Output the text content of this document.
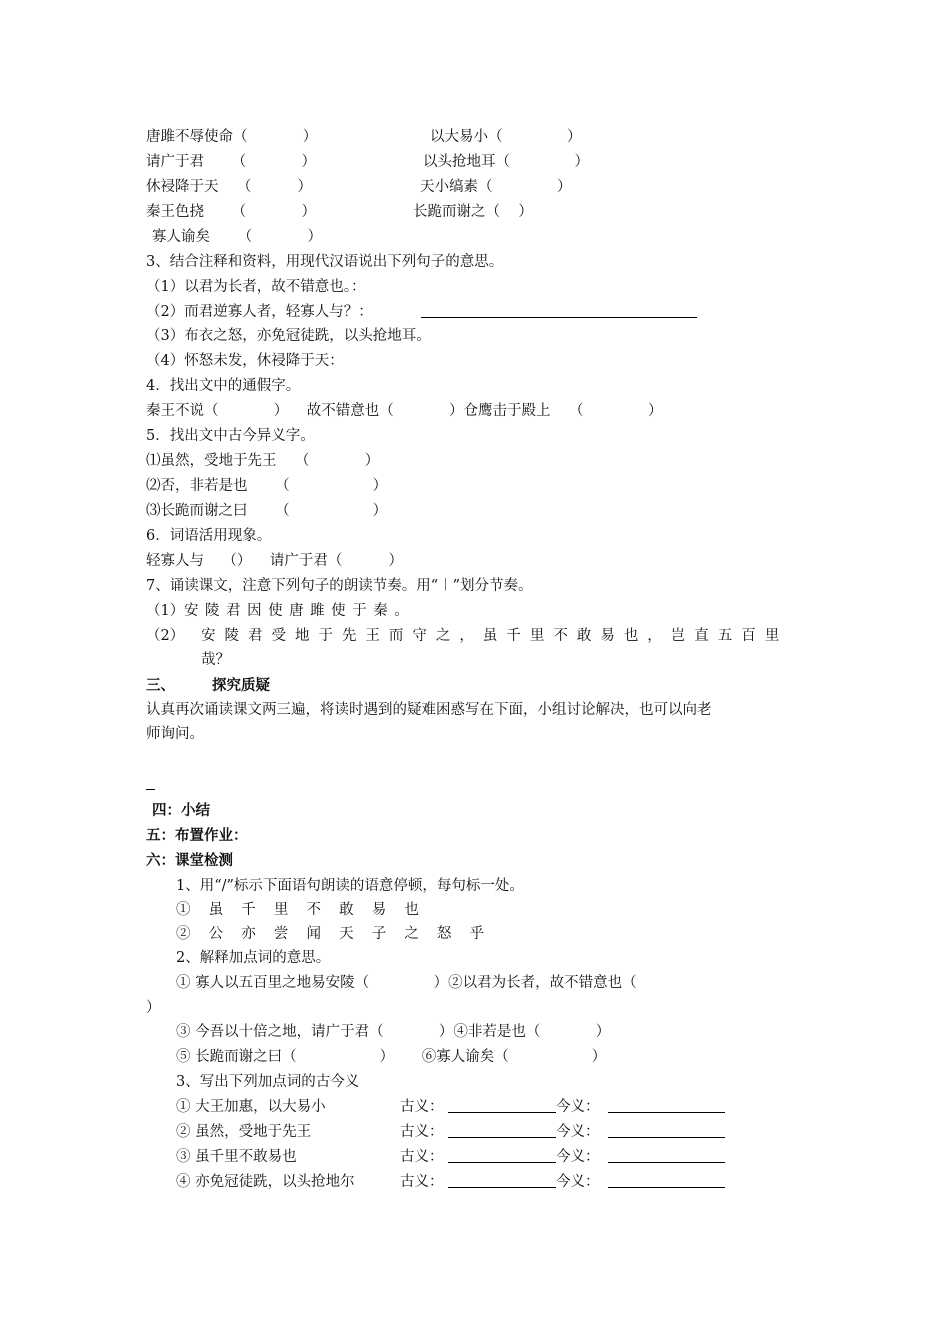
唐雎不辱使命（            ）	以大易小（              ）
请广于君      （            ）	以头抢地耳（              ）
休祲降于天    （          ）	天小缟素（              ）
秦王色挠      （            ）	长跪而谢之（    ）
寡人谕矣      （            ）
3、结合注释和资料，用现代汉语说出下列句子的意思。
（1）以君为长者，故不错意也。：
（2）而君逆寡人者，轻寡人与？：
（3）布衣之怒，亦免冠徒跣，以头抢地耳。
（4）怀怒未发，休祲降于天：
4．找出文中的通假字。
秦王不说（            ）    故不错意也（            ）仓鹰击于殿上    （              ）
5．找出文中古今异义字。
⑴虽然，受地于先王    （            ）
⑵否，非若是也      （                  ）
⑶长跪而谢之曰      （                  ）
6．词语活用现象。
轻寡人与    （）    请广于君（          ）
7、诵读课文，注意下列句子的朗读节奏。用“︱”划分节奏。
（1） 安陵君因使唐雎使于秦。
（2） 安陵君受地于先王而守之，虽千里不敢易也，岂直五百里
哉？
三、	探究质疑
认真再次诵读课文两三遍，将读时遇到的疑难困惑写在下面，小组讨论解决，也可以向老
师询问。
四：小结
五：布置作业：
六：课堂检测
1、用“/”标示下面语句朗读的语意停顿，每句标一处。
①虽千里不敢易也
②公亦尝闻天子之怒乎
2、解释加点词的意思。
① 寡人以五百里之地易安陵（              ）②以君为长者，故不错意也（
）
③ 今吾以十倍之地，请广于君（            ）④非若是也（            ）
⑤ 长跪而谢之曰（                  ）      ⑥寡人谕矣（                  ）
3、写出下列加点词的古今义
① 大王加惠，以大易小	古义：	今义：
② 虽然，受地于先王	古义：	今义：
③ 虽千里不敢易也	古义：	今义：
④ 亦免冠徒跣，以头抢地尔	古义：	今义：
